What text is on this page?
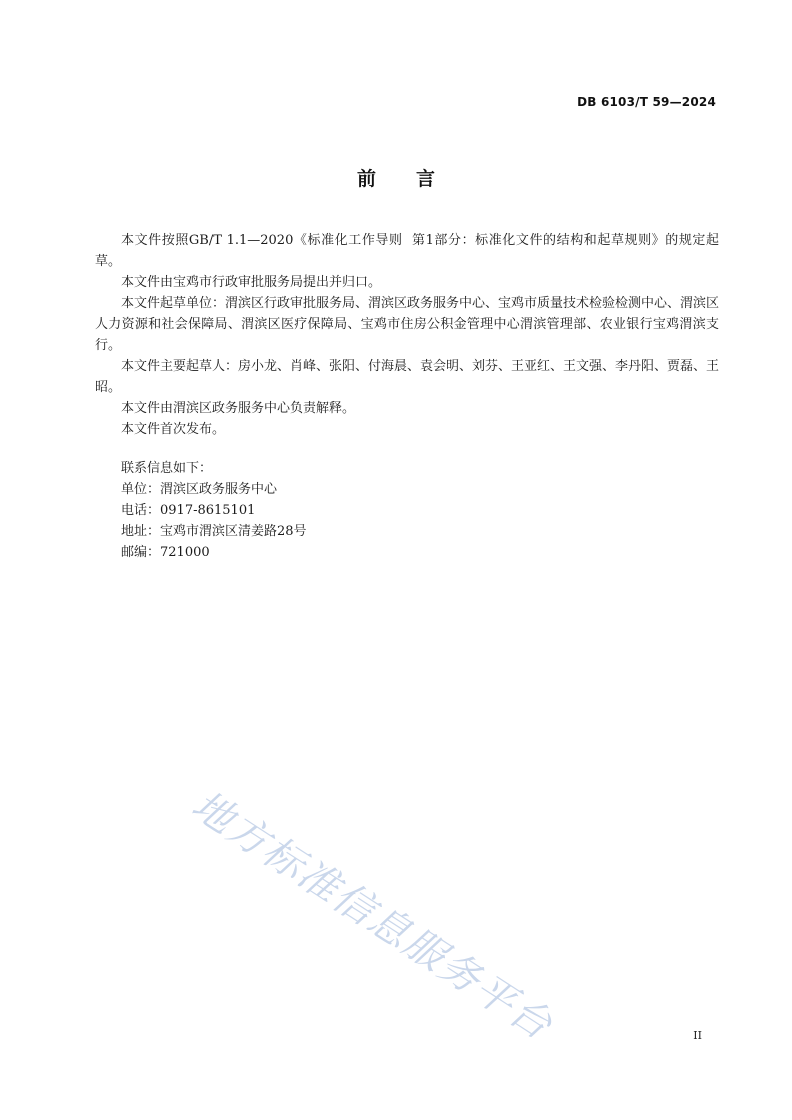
DB 6103/T 59—2024
前 言

本文件按照GB/T 1.1—2020《标准化工作导则  第1部分：标准化文件的结构和起草规则》的规定起草。

本文件由宝鸡市行政审批服务局提出并归口。

本文件起草单位：渭滨区行政审批服务局、渭滨区政务服务中心、宝鸡市质量技术检验检测中心、渭滨区人力资源和社会保障局、渭滨区医疗保障局、宝鸡市住房公积金管理中心渭滨管理部、农业银行宝鸡渭滨支行。

本文件主要起草人：房小龙、肖峰、张阳、付海晨、袁会明、刘芬、王亚红、王文强、李丹阳、贾磊、王昭。

本文件由渭滨区政务服务中心负责解释。

本文件首次发布。

联系信息如下：

单位：渭滨区政务服务中心

电话：0917-8615101

地址：宝鸡市渭滨区清姜路28号

邮编：721000

地方标准信息服务平台	II
